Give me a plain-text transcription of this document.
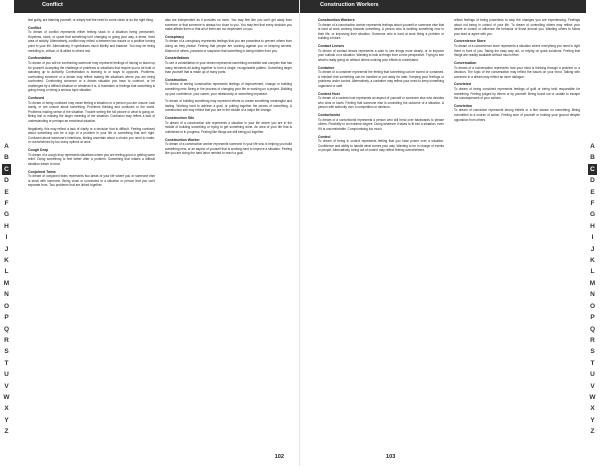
Conflict
feel guilty, are blaming yourself, or simply feel the need to come clean or do the right thing.
Conflict
To dream of conflict represents either feeling stuck in a situation being permanent. Hopeless, stuck, or upset that something isn't changing or going your way, a tense, fixed area of activity. Alternatively, conflict may reflect a between two issues or a positive turning point in your life. Alternatively, it symbolizes much fidelity and balance. You may be being meddling in, critical, or ill-willed to others lost.
Confrontation
To dream of you will be confronting someone may represent feelings of having to stand up for yourself. Accepting the challenge of problems or situations that require you to be bold or standing up to authority. Confrontation is learning to or ways to opposes. Problems, confronting someone or a dream may reflect making life situations where you are being confronted. Confronting someone or a dream situation you have to confront, or be challenged by a difficult situation or whatever it is. A frustration or feelings that something is going wrong or being a serious topic situation.
Confused
To dream of being confused may mean feeling a situation or a person you are unsure, lack clarity, or are unsure about something. Problems thinking and confused or the world. Problems making sense of the situation. Trouble seeing the full picture or what is going on. Being lost or missing the larger meaning of the situation. Confusion may reflect a lack of understanding or perhaps an emotional situation.
Negatively, this may reflect a lack of clarity or a decision that is difficult. Feeling confused about something can be a sign of a problem in your life or something that isn't right. Confused about someone's intentions, feeling uncertain about a choice you need to make, or overwhelmed by too many options at once.
Cough Drop
To dream of a cough drop represents situations where you are feeling good or getting some relief. Doing something to feel better after a problem. Something that makes a difficult situation easier to bear.
Conjoined Twins
To dream of conjoined twins represents two areas of your life where you or someone else is stuck with someone. Being close or connected to a situation or person that you can't separate from. Two problems that are linked together.
also are independent as it provides no more. You may feel like you can't get away from someone or that someone is always too close to you. You may feel that every decision you make affects them or that all of them are too dependent on you.
Conspiracy
To dream of a conspiracy represents feelings that you are powerless to prevent others from doing as they please. Feeling that people are working against you or keeping secrets. Distrust of others, paranoia or suspicion that something is being hidden from you.
Constellations
To see a constellation in your dream represents something incredible and complex that has many elements all acting together to form a single, recognizable pattern. Something larger than yourself that is made up of many parts.
Construction
To dream of seeing construction represents feelings of improvement, change or building something new. Being in the process of changing your life or working on a project. Building up your confidence, your career, your relationship or something important.
To dream of building something may represent efforts to create something meaningful and lasting. Working hard to achieve a goal, or putting together the pieces of something. A construction site may reflect that you are in the middle of a major life change.
Construction Site
To dream of a construction site represents a situation in your life where you are in the middle of building something or trying to get something done. An area of your life that is unfinished or in progress. Feeling like things are still being put together.
Construction Worker
To dream of a construction worker represents someone in your life who is helping you build something new, or an aspect of yourself that is working hard to improve a situation. Feeling like you are doing the hard labor needed to reach a goal.
A
B
C
D
E
F
G
H
I
J
K
L
M
N
O
P
Q
R
S
T
U
V
W
X
Y
Z
102
Construction Workers
Construction Workers
To dream of a construction worker represents feelings about yourself or someone else that is hard at work working towards something. A person who is building something new in their life, or improving their situation. Someone who is hard at work fixing a problem or building a future.
Contact Lenses
To dream of contact lenses represents a wish to see things more clearly, or to improve your outlook on a situation. Wanting to look at things from a new perspective. Trying to see what is really going on without others noticing your efforts to understand.
Container
To dream of a container represents the feeling that something can be stored or contained. A mindset that something can be handled or put away for later. Keeping your feelings or problems under control. Alternatively, a container may reflect your need to keep something organized or safe.
Contest Host
To dream of a contest host represents an aspect of yourself or someone else who decides who wins or loses. Feeling that someone else is controlling the outcome of a situation. A person with authority over a competition or decision.
Contortionist
To dream of a contortionist represents a person who will bend over backwards to please others. Flexibility to an extreme degree. Doing whatever it takes to fit into a situation, even if it is uncomfortable. Compromising too much.
Control
To dream of being in control represents feeling that you have power over a situation. Confidence and ability to handle what comes your way. Wanting to be in charge of events or people. Alternatively, being out of control may reflect feeling overwhelmed.
reflect feelings of being powerless to stop the changes you are experiencing. Feelings about not being in control of your life. To dream of controlling others may reflect your desire to control or influence the behavior of those around you. Wanting others to follow your lead or agree with you.
Convenience Store
To dream of a convenience store represents a situation where everything you need is right there in front of you. Taking the easy way out, or relying on quick solutions. Feeling that things are readily available without much effort.
Conversation
To dream of a conversation represents how your mind is thinking through a problem or a decision. The topic of the conversation may reflect the issues on your mind. Talking with someone in a dream may reflect an inner dialogue.
Convicted
To dream of being convicted represents feelings of guilt or being held responsible for something. Feeling judged by others or by yourself. Being found out or unable to escape the consequences of your actions.
Conviction
To dream of conviction represents strong beliefs or a firm stance on something. Being committed to a course of action. Feeling sure of yourself or holding your ground despite opposition from others.
A
B
C
D
E
F
G
H
I
J
K
L
M
N
O
P
Q
R
S
T
U
V
W
X
Y
Z
103
